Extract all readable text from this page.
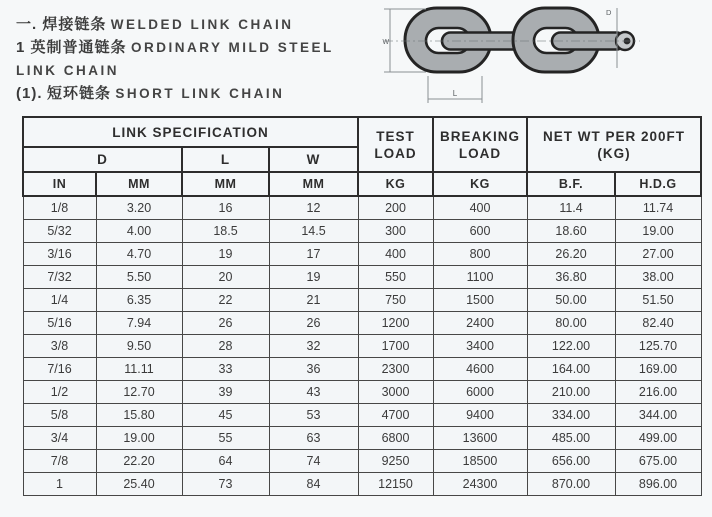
一. 焊接链条 WELDED LINK CHAIN
1 英制普通链条 ORDINARY MILD STEEL
LINK CHAIN
(1). 短环链条 SHORT LINK CHAIN
W
L
D
LINK SPECIFICATION	TEST
LOAD

BREAKING
LOAD

NET WT PER 200FT
(KG)

D		L	W				
IN	MM	MM	MM	KG	KG	B.F.	H.D.G
1/8	3.20	16	12	200	400	11.4	11.74
5/32	4.00	18.5	14.5	300	600	18.60	19.00
3/16	4.70	19	17	400	800	26.20	27.00
7/32	5.50	20	19	550	1100	36.80	38.00
1/4	6.35	22	21	750	1500	50.00	51.50
5/16	7.94	26	26	1200	2400	80.00	82.40
3/8	9.50	28	32	1700	3400	122.00	125.70
7/16	11.11	33	36	2300	4600	164.00	169.00
1/2	12.70	39	43	3000	6000	210.00	216.00
5/8	15.80	45	53	4700	9400	334.00	344.00
3/4	19.00	55	63	6800	13600	485.00	499.00
7/8	22.20	64	74	9250	18500	656.00	675.00
1	25.40	73	84	12150	24300	870.00	896.00
